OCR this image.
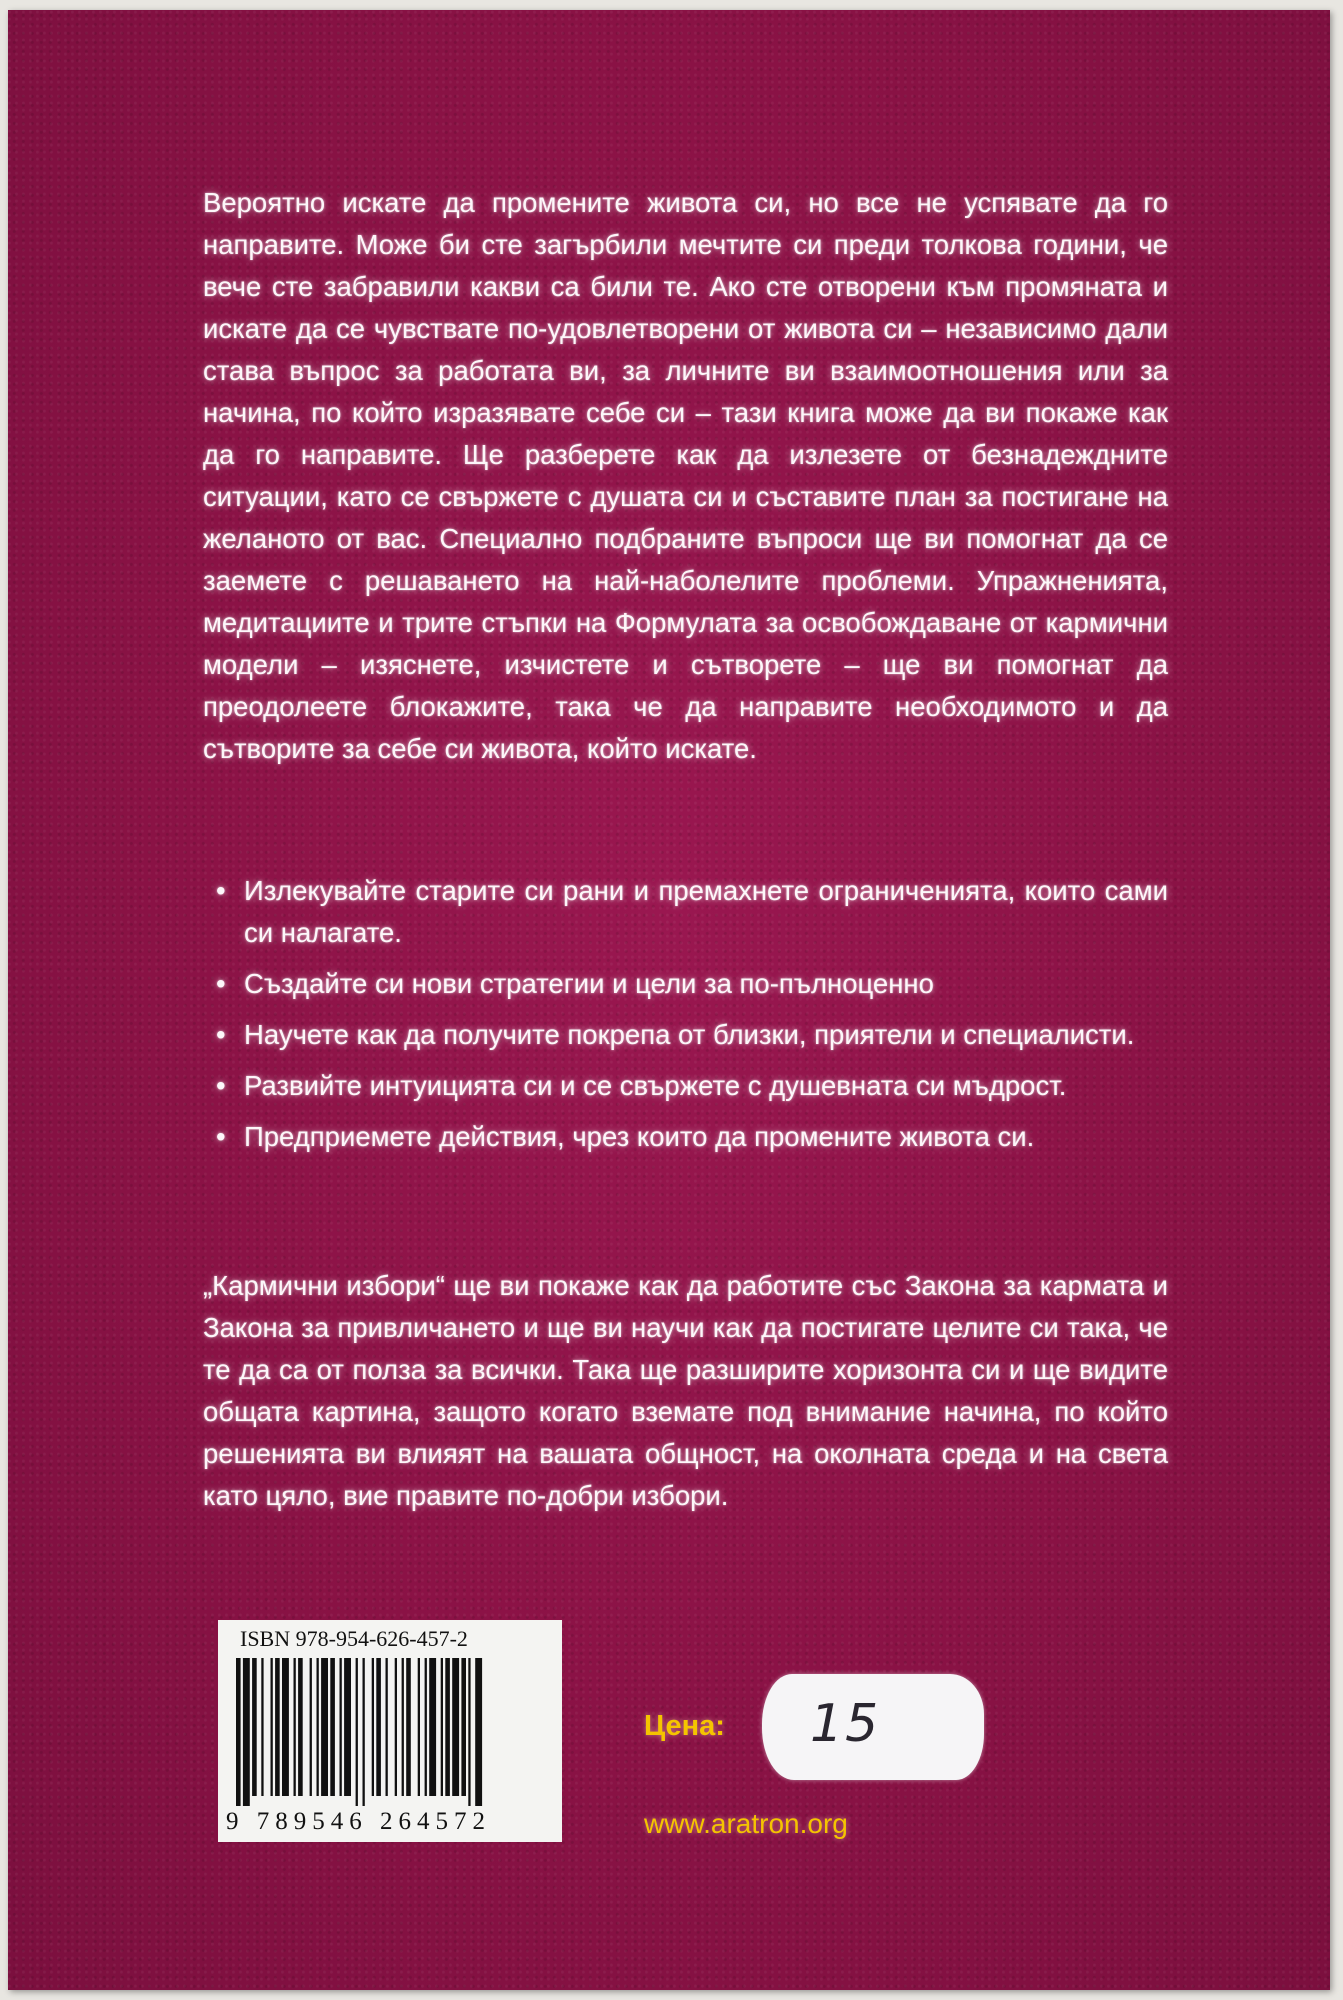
Вероятно искате да промените живота си, но все не успявате да го направите. Може би сте загърбили мечтите си преди толкова години, че вече сте забравили какви са били те. Ако сте отворени към промяната и искате да се чувствате по-удовлетворени от живота си – независимо дали става въпрос за работата ви, за личните ви взаимоотношения или за начина, по който изразявате себе си – тази книга може да ви покаже как да го направите. Ще разберете как да излезете от безнадеждните ситуации, като се свържете с душата си и съставите план за постигане на желаното от вас. Специално подбраните въпроси ще ви помогнат да се заемете с решаването на най-наболелите проблеми. Упражненията, медитациите и трите стъпки на Формулата за освобождаване от кармични модели – изяснете, изчистете и сътворете – ще ви помогнат да преодолеете блокажите, така че да направите необходимото и да сътворите за себе си живота, който искате.

• Излекувайте старите си рани и премахнете ограниченията, които сами си налагате.
• Създайте си нови стратегии и цели за по-пълноценно
• Научете как да получите покрепа от близки, приятели и специалисти.
• Развийте интуицията си и се свържете с душевната си мъдрост.
• Предприемете действия, чрез които да промените живота си.

„Кармични избори“ ще ви покаже как да работите със Закона за кармата и Закона за привличането и ще ви научи как да постигате целите си така, че те да са от полза за всички. Така ще разширите хоризонта си и ще видите общата картина, защото когато вземате под внимание начина, по който решенията ви влияят на вашата общност, на околната среда и на света като цяло, вие правите по-добри избори.

ISBN 978-954-626-457-2
9 789546 264572
Цена: 15
www.aratron.org
